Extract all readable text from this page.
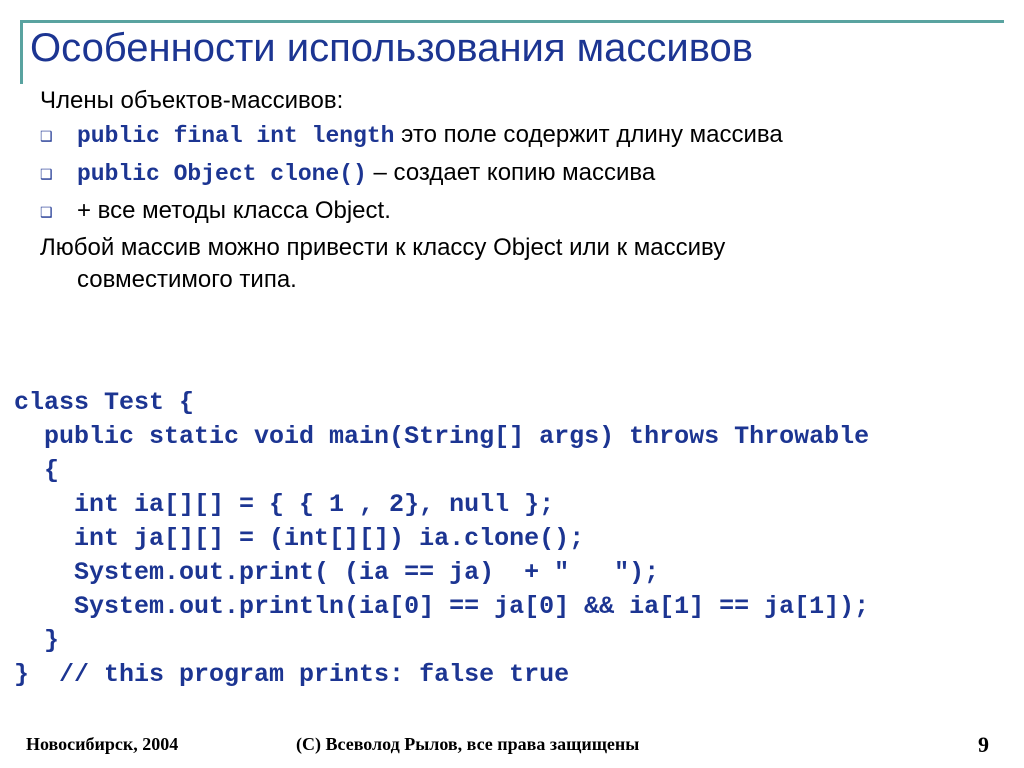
Особенности использования массивов
Члены объектов-массивов:
❑ public final int length это поле содержит длину массива
❑ public Object clone() – создает копию массива
❑ + все методы класса Object.
Любой массив можно привести к классу Object или к массиву
совместимого типа.
class Test {
public static void main(String[] args) throws Throwable
{
int ia[][] = { { 1 , 2}, null };
int ja[][] = (int[][]) ia.clone();
System.out.print( (ia == ja)  + "   ");
System.out.println(ia[0] == ja[0] && ia[1] == ja[1]);
}
}  // this program prints: false true
Новосибирск, 2004	(С) Всеволод Рылов, все права защищены	9
